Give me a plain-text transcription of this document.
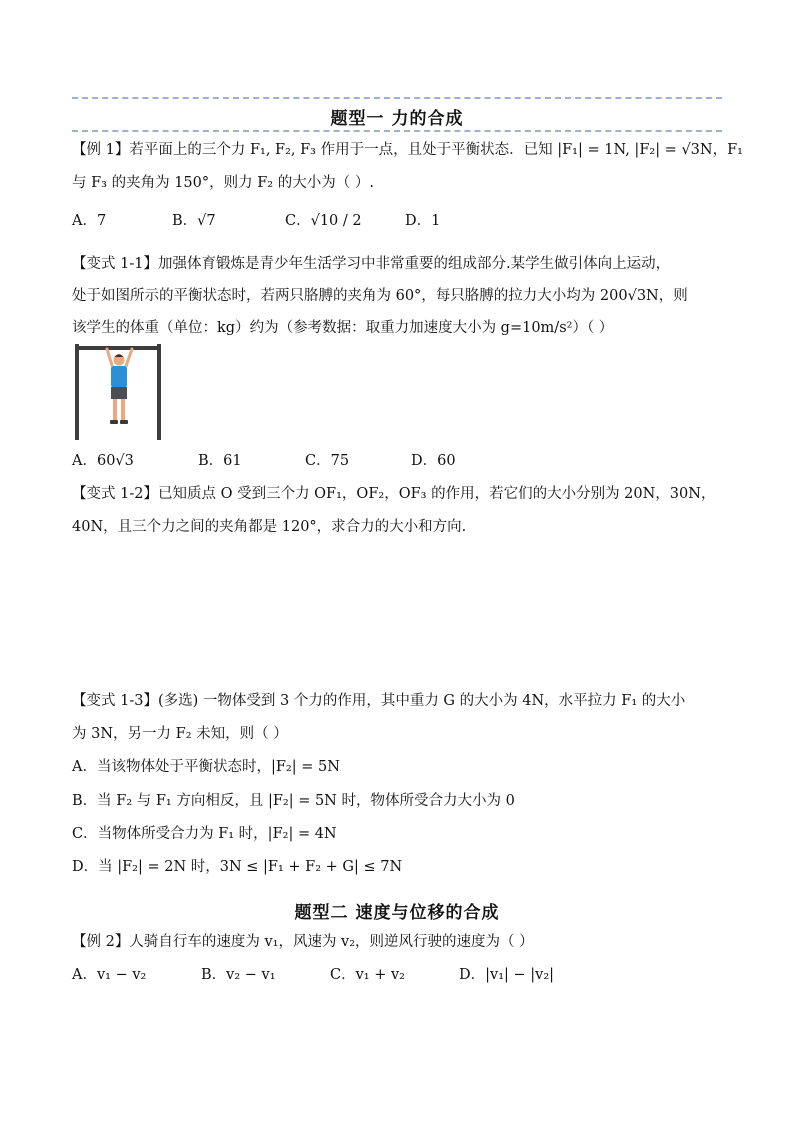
题型一 力的合成
【例 1】若平面上的三个力 F₁, F₂, F₃ 作用于一点，且处于平衡状态．已知 |F₁| = 1N, |F₂| = √3N，F₁
与 F₃ 的夹角为 150°，则力 F₂ 的大小为（ ）.
A．7	B．√7	C．√10 / 2	D．1
【变式 1-1】加强体育锻炼是青少年生活学习中非常重要的组成部分.某学生做引体向上运动，
处于如图所示的平衡状态时，若两只胳膊的夹角为 60°，每只胳膊的拉力大小均为 200√3N，则
该学生的体重（单位：kg）约为（参考数据：取重力加速度大小为 g=10m/s²）（ ）
A．60√3	B．61	C．75	D．60
【变式 1-2】已知质点 O 受到三个力 OF₁，OF₂，OF₃ 的作用，若它们的大小分别为 20N，30N，
40N，且三个力之间的夹角都是 120°，求合力的大小和方向.
【变式 1-3】(多选) 一物体受到 3 个力的作用，其中重力 G 的大小为 4N，水平拉力 F₁ 的大小
为 3N，另一力 F₂ 未知，则（ ）
A．当该物体处于平衡状态时，|F₂| = 5N
B．当 F₂ 与 F₁ 方向相反，且 |F₂| = 5N 时，物体所受合力大小为 0
C．当物体所受合力为 F₁ 时，|F₂| = 4N
D．当 |F₂| = 2N 时，3N ≤ |F₁ + F₂ + G| ≤ 7N
题型二 速度与位移的合成
【例 2】人骑自行车的速度为 v₁，风速为 v₂，则逆风行驶的速度为（ ）
A．v₁ − v₂	B．v₂ − v₁	C．v₁ + v₂	D．|v₁| − |v₂|
